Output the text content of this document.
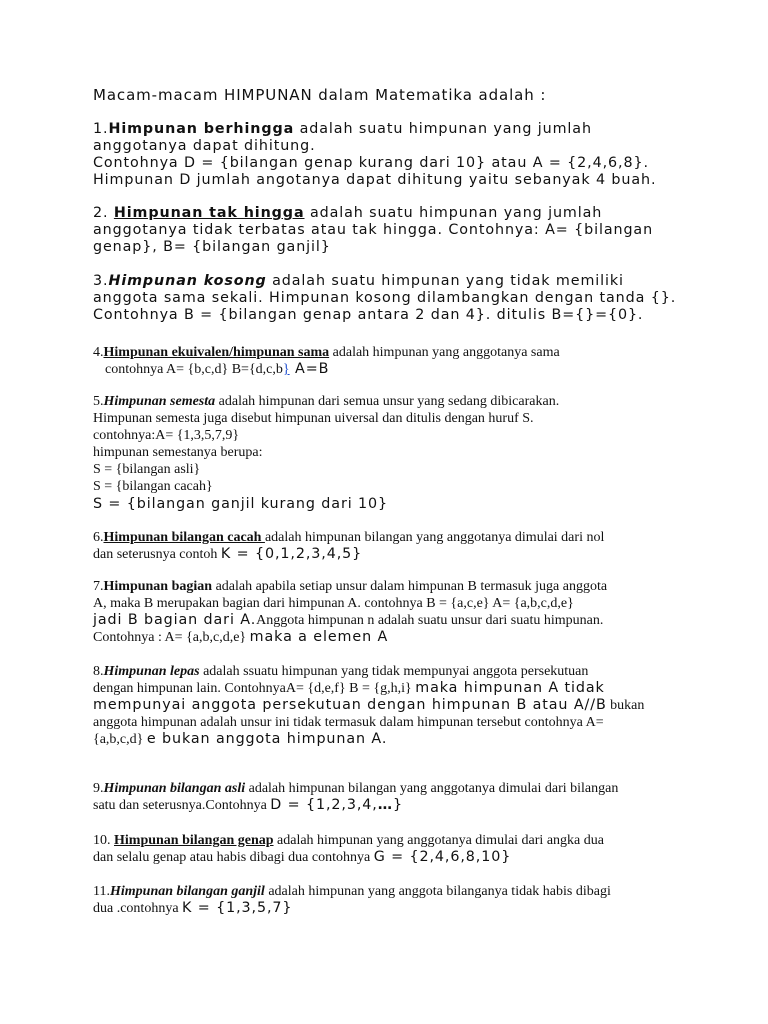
Macam-macam HIMPUNAN dalam Matematika adalah :
1.Himpunan berhingga adalah suatu himpunan yang jumlah
anggotanya dapat dihitung.
Contohnya D = {bilangan genap kurang dari 10} atau A = {2,4,6,8}.
Himpunan D jumlah angotanya dapat dihitung yaitu sebanyak 4 buah.
2. Himpunan tak hingga adalah suatu himpunan yang jumlah
anggotanya tidak terbatas atau tak hingga. Contohnya: A= {bilangan
genap}, B= {bilangan ganjil}
3.Himpunan kosong adalah suatu himpunan yang tidak memiliki
anggota sama sekali. Himpunan kosong dilambangkan dengan tanda {}.
Contohnya B = {bilangan genap antara 2 dan 4}. ditulis B={}={0}.
4.Himpunan ekuivalen/himpunan sama adalah himpunan yang anggotanya sama
contohnya A= {b,c,d} B={d,c,b} A=B
5.Himpunan semesta adalah himpunan dari semua unsur yang sedang dibicarakan.
Himpunan semesta juga disebut himpunan uiversal dan ditulis dengan huruf S.
contohnya:A= {1,3,5,7,9}
himpunan semestanya berupa:
S = {bilangan asli}
S = {bilangan cacah}
S = {bilangan ganjil kurang dari 10}
6.Himpunan bilangan cacah adalah himpunan bilangan yang anggotanya dimulai dari nol
dan seterusnya contoh K = {0,1,2,3,4,5}
7.Himpunan bagian adalah apabila setiap unsur dalam himpunan B termasuk juga anggota
A, maka B merupakan bagian dari himpunan A. contohnya B = {a,c,e} A= {a,b,c,d,e}
jadi B bagian dari A.Anggota himpunan n adalah suatu unsur dari suatu himpunan.
Contohnya : A= {a,b,c,d,e} maka a elemen A
8.Himpunan lepas adalah ssuatu himpunan yang tidak mempunyai anggota persekutuan
dengan himpunan lain. ContohnyaA= {d,e,f} B = {g,h,i} maka himpunan A tidak
mempunyai anggota persekutuan dengan himpunan B atau A//B bukan
anggota himpunan adalah unsur ini tidak termasuk dalam himpunan tersebut contohnya A=
{a,b,c,d} e bukan anggota himpunan A.
9.Himpunan bilangan asli adalah himpunan bilangan yang anggotanya dimulai dari bilangan
satu dan seterusnya.Contohnya D = {1,2,3,4,…}
10. Himpunan bilangan genap adalah himpunan yang anggotanya dimulai dari angka dua
dan selalu genap atau habis dibagi dua contohnya G = {2,4,6,8,10}
11.Himpunan bilangan ganjil adalah himpunan yang anggota bilanganya tidak habis dibagi
dua .contohnya K = {1,3,5,7}
